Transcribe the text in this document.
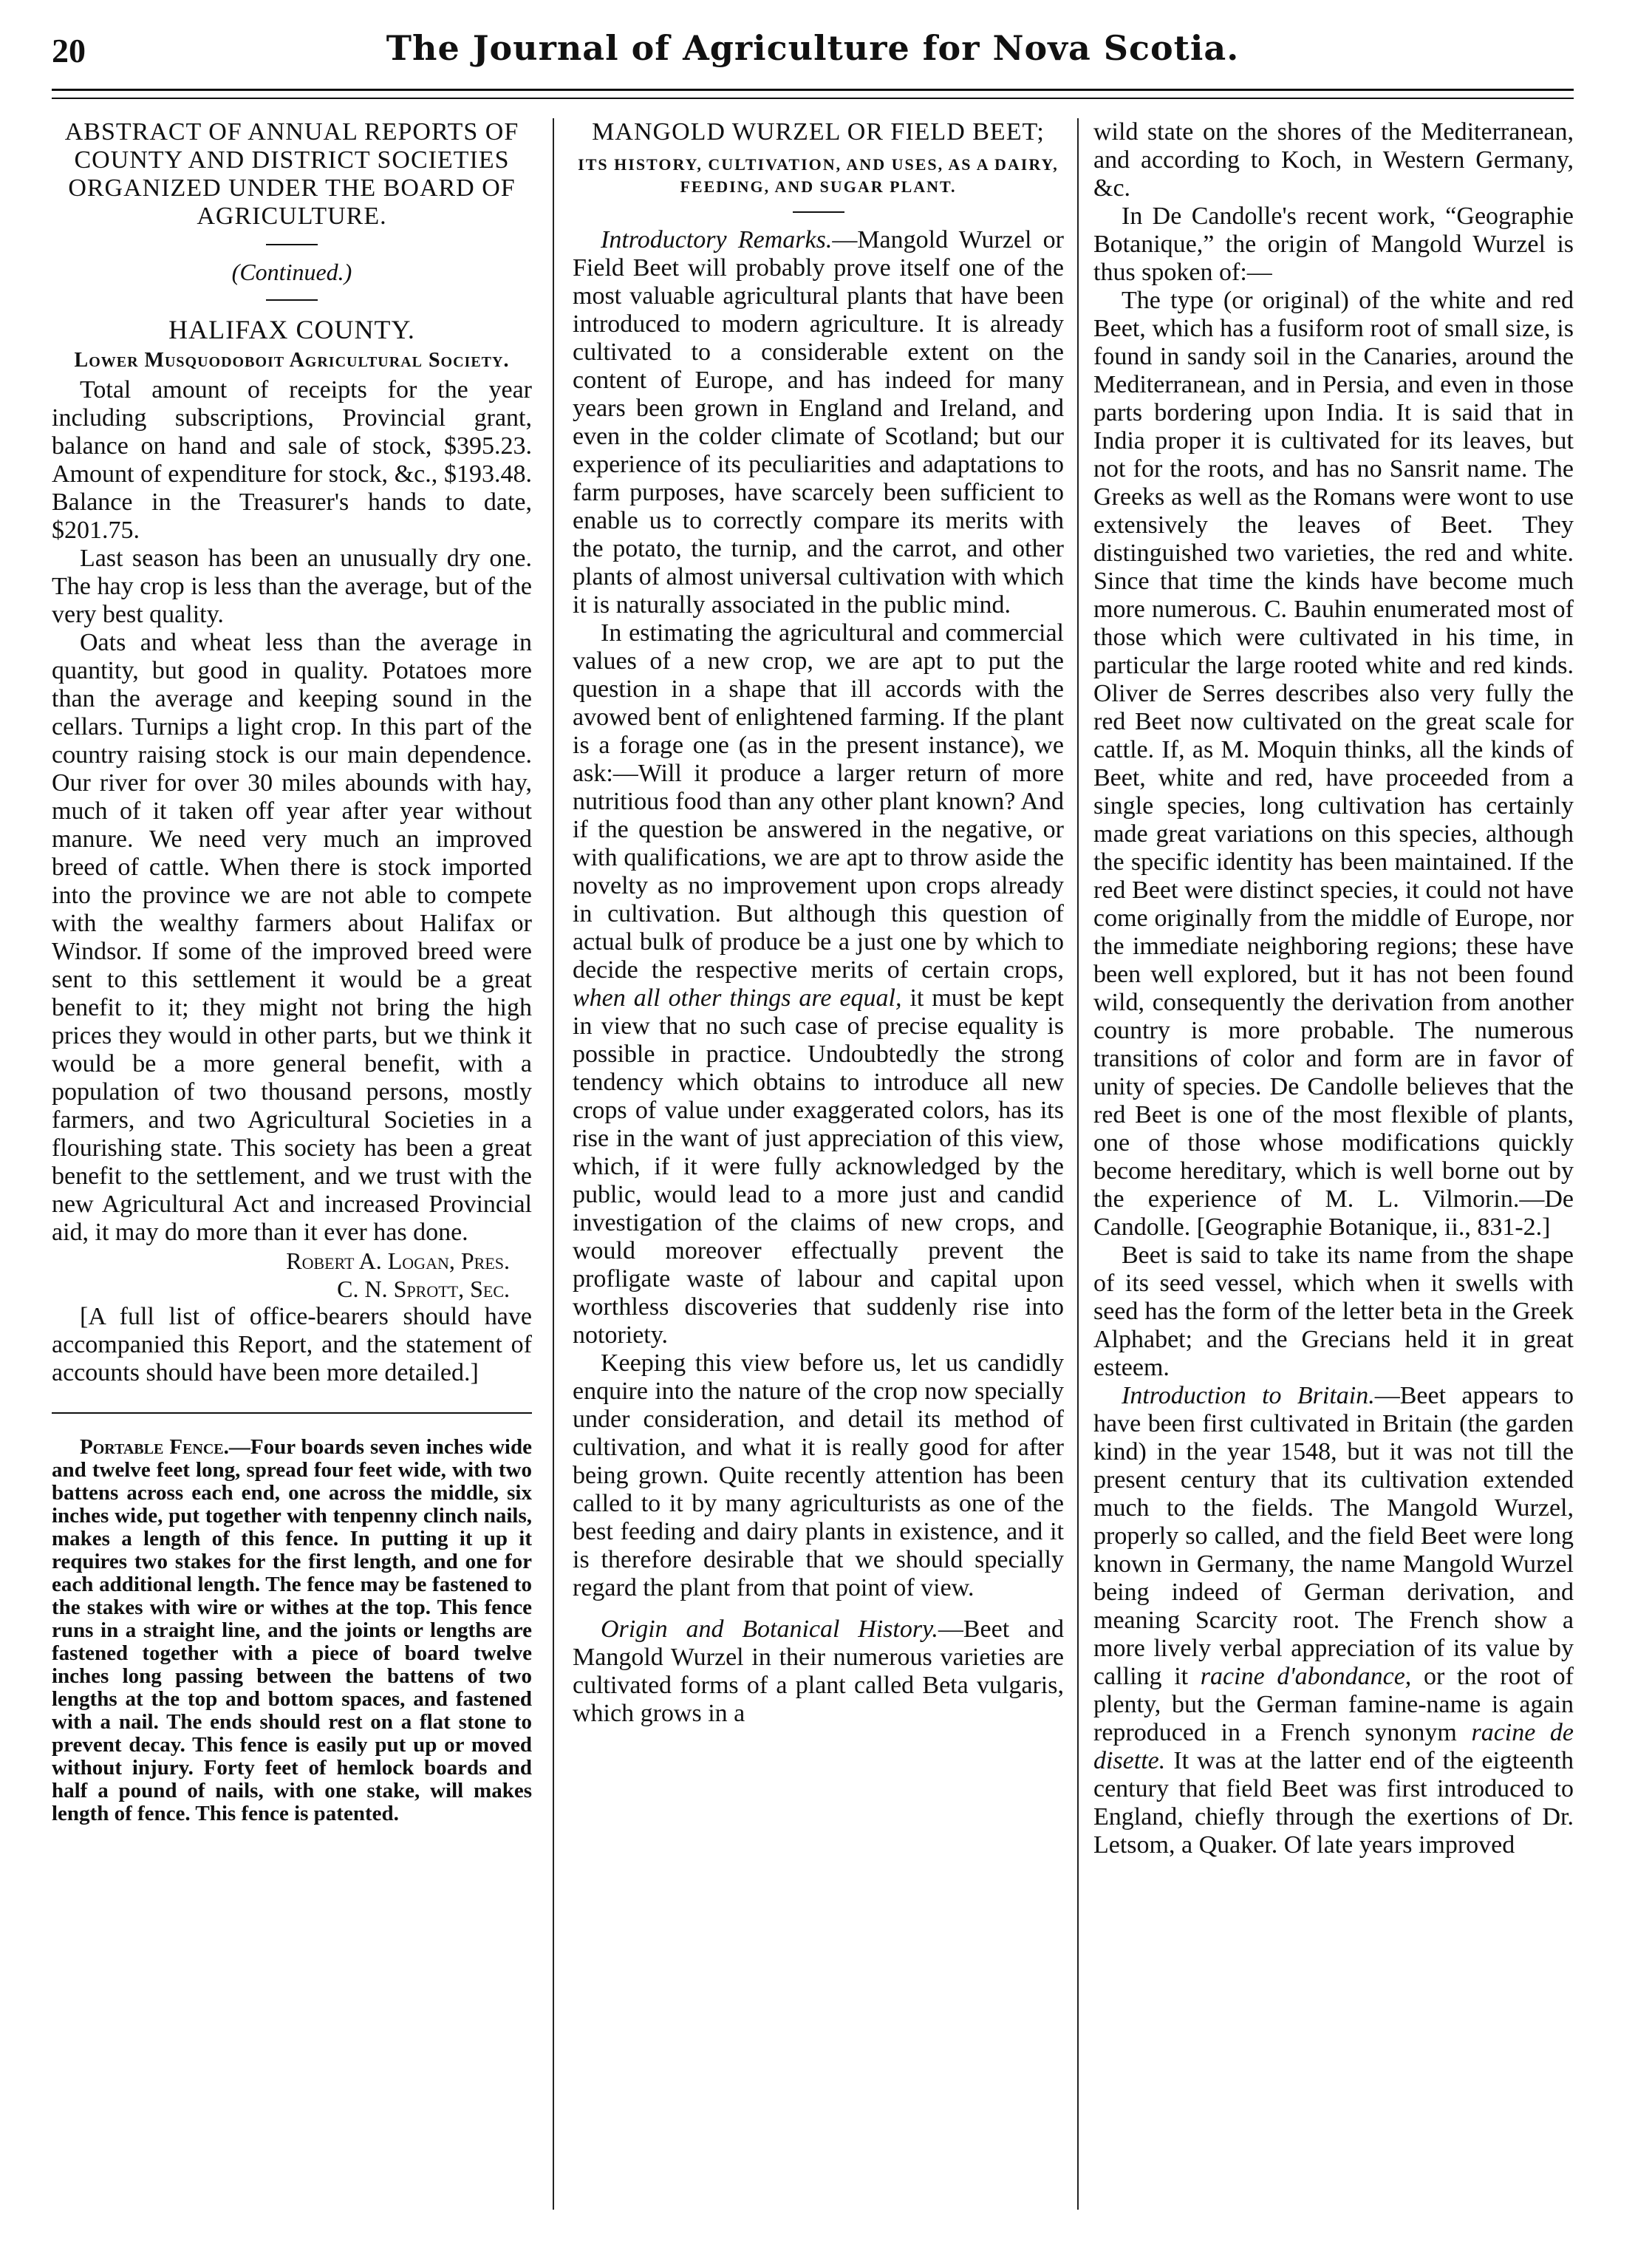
20	The Journal of Agriculture for Nova Scotia.
ABSTRACT OF ANNUAL REPORTS OF COUNTY AND DISTRICT SOCIETIES ORGANIZED UNDER THE BOARD OF AGRICULTURE.
(Continued.)
HALIFAX COUNTY.
Lower Musquodoboit Agricultural Society.

Total amount of receipts for the year including subscriptions, Provincial grant, balance on hand and sale of stock, $395.23. Amount of expenditure for stock, &c., $193.48. Balance in the Treasurer's hands to date, $201.75.

Last season has been an unusually dry one. The hay crop is less than the average, but of the very best quality.

Oats and wheat less than the average in quantity, but good in quality. Potatoes more than the average and keeping sound in the cellars. Turnips a light crop. In this part of the country raising stock is our main dependence. Our river for over 30 miles abounds with hay, much of it taken off year after year without manure. We need very much an improved breed of cattle. When there is stock imported into the province we are not able to compete with the wealthy farmers about Halifax or Windsor. If some of the improved breed were sent to this settlement it would be a great benefit to it; they might not bring the high prices they would in other parts, but we think it would be a more general benefit, with a population of two thousand persons, mostly farmers, and two Agricultural Societies in a flourishing state. This society has been a great benefit to the settlement, and we trust with the new Agricultural Act and increased Provincial aid, it may do more than it ever has done.

Robert A. Logan, Pres.
C. N. Sprott, Sec.

[A full list of office-bearers should have accompanied this Report, and the statement of accounts should have been more detailed.]

Portable Fence.—Four boards seven inches wide and twelve feet long, spread four feet wide, with two battens across each end, one across the middle, six inches wide, put together with tenpenny clinch nails, makes a length of this fence. In putting it up it requires two stakes for the first length, and one for each additional length. The fence may be fastened to the stakes with wire or withes at the top. This fence runs in a straight line, and the joints or lengths are fastened together with a piece of board twelve inches long passing between the battens of two lengths at the top and bottom spaces, and fastened with a nail. The ends should rest on a flat stone to prevent decay. This fence is easily put up or moved without injury. Forty feet of hemlock boards and half a pound of nails, with one stake, will makes length of fence. This fence is patented.

MANGOLD WURZEL OR FIELD BEET;
ITS HISTORY, CULTIVATION, AND USES, AS A DAIRY, FEEDING, AND SUGAR PLANT.

Introductory Remarks.—Mangold Wurzel or Field Beet will probably prove itself one of the most valuable agricultural plants that have been introduced to modern agriculture. It is already cultivated to a considerable extent on the content of Europe, and has indeed for many years been grown in England and Ireland, and even in the colder climate of Scotland; but our experience of its peculiarities and adaptations to farm purposes, have scarcely been sufficient to enable us to correctly compare its merits with the potato, the turnip, and the carrot, and other plants of almost universal cultivation with which it is naturally associated in the public mind.

In estimating the agricultural and commercial values of a new crop, we are apt to put the question in a shape that ill accords with the avowed bent of enlightened farming. If the plant is a forage one (as in the present instance), we ask:—Will it produce a larger return of more nutritious food than any other plant known? And if the question be answered in the negative, or with qualifications, we are apt to throw aside the novelty as no improvement upon crops already in cultivation. But although this question of actual bulk of produce be a just one by which to decide the respective merits of certain crops, when all other things are equal, it must be kept in view that no such case of precise equality is possible in practice. Undoubtedly the strong tendency which obtains to introduce all new crops of value under exaggerated colors, has its rise in the want of just appreciation of this view, which, if it were fully acknowledged by the public, would lead to a more just and candid investigation of the claims of new crops, and would moreover effectually prevent the profligate waste of labour and capital upon worthless discoveries that suddenly rise into notoriety.

Keeping this view before us, let us candidly enquire into the nature of the crop now specially under consideration, and detail its method of cultivation, and what it is really good for after being grown. Quite recently attention has been called to it by many agriculturists as one of the best feeding and dairy plants in existence, and it is therefore desirable that we should specially regard the plant from that point of view.

Origin and Botanical History.—Beet and Mangold Wurzel in their numerous varieties are cultivated forms of a plant called Beta vulgaris, which grows in a

wild state on the shores of the Mediterranean, and according to Koch, in Western Germany, &c.

In De Candolle's recent work, “Geographie Botanique,” the origin of Mangold Wurzel is thus spoken of:—

The type (or original) of the white and red Beet, which has a fusiform root of small size, is found in sandy soil in the Canaries, around the Mediterranean, and in Persia, and even in those parts bordering upon India. It is said that in India proper it is cultivated for its leaves, but not for the roots, and has no Sansrit name. The Greeks as well as the Romans were wont to use extensively the leaves of Beet. They distinguished two varieties, the red and white. Since that time the kinds have become much more numerous. C. Bauhin enumerated most of those which were cultivated in his time, in particular the large rooted white and red kinds. Oliver de Serres describes also very fully the red Beet now cultivated on the great scale for cattle. If, as M. Moquin thinks, all the kinds of Beet, white and red, have proceeded from a single species, long cultivation has certainly made great variations on this species, although the specific identity has been maintained. If the red Beet were distinct species, it could not have come originally from the middle of Europe, nor the immediate neighboring regions; these have been well explored, but it has not been found wild, consequently the derivation from another country is more probable. The numerous transitions of color and form are in favor of unity of species. De Candolle believes that the red Beet is one of the most flexible of plants, one of those whose modifications quickly become hereditary, which is well borne out by the experience of M. L. Vilmorin.—De Candolle. [Geographie Botanique, ii., 831-2.]

Beet is said to take its name from the shape of its seed vessel, which when it swells with seed has the form of the letter beta in the Greek Alphabet; and the Grecians held it in great esteem.

Introduction to Britain.—Beet appears to have been first cultivated in Britain (the garden kind) in the year 1548, but it was not till the present century that its cultivation extended much to the fields. The Mangold Wurzel, properly so called, and the field Beet were long known in Germany, the name Mangold Wurzel being indeed of German derivation, and meaning Scarcity root. The French show a more lively verbal appreciation of its value by calling it racine d'abondance, or the root of plenty, but the German famine-name is again reproduced in a French synonym racine de disette. It was at the latter end of the eigteenth century that field Beet was first introduced to England, chiefly through the exertions of Dr. Letsom, a Quaker. Of late years improved
